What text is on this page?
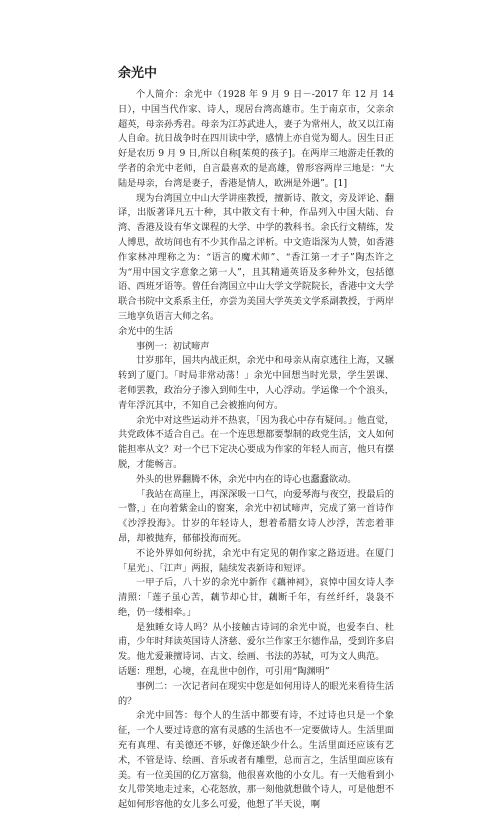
余光中

个人简介：余光中（1928 年 9 月 9 日－-2017 年 12 月 14 日），中国当代作家、诗人，现居台湾高雄市。生于南京市，父亲余超英，母亲孙秀君。母亲为江苏武进人，妻子为常州人，故又以江南人自命。抗日战争时在四川读中学，感情上亦自觉为蜀人。因生日正好是农历 9 月 9 日,所以自称[茱萸的孩子]。在两岸三地游走任教的学者的余光中老师，自言最喜欢的是高雄，曾形容两岸三地是：“大陆是母亲，台湾是妻子，香港是情人，欧洲是外遇”。[1]

现为台湾国立中山大学讲座教授，擅新诗、散文，旁及评论、翻译，出版著译凡五十种，其中散文有十种，作品列入中国大陆、台湾、香港及设有华文课程的大学、中学的教科书。余氏行文精练，发人博思，故坊间也有不少其作品之评析。中文造诣深为人赞，如香港作家林冲理称之为：“语言的魔术师”、“香江第一才子”陶杰许之为“用中国文字意象之第一人”，且其精通英语及多种外文，包括德语、西班牙语等。曾任台湾国立中山大学文学院院长，香港中文大学联合书院中文系系主任，亦尝为美国大学英美文学系副教授，于两岸三地享负语言大师之名。

余光中的生活

事例一：初试啼声

廿岁那年，国共内战正炽，余光中和母亲从南京逃往上海，又辗转到了厦门。「时局非常动荡！」余光中回想当时光景，学生罢课、老师罢教，政治分子渗入到师生中，人心浮动。学运像一个个浪头，青年浮沉其中，不知自己会被推向何方。

余光中对这些运动并不热衷，「因为我心中存有疑问。」他直觉，共党政体不适合自己。在一个连思想都要掣制的政党生活，文人如何能担率从文？对一个已下定决心要成为作家的年轻人而言，他只有摆脱，才能畅言。

外头的世界翻腾不休，余光中内在的诗心也蠢蠢欲动。

「我站在高崖上，再深深吸一口气，向爱琴海与夜空，投最后的一瞥，」在向着紫金山的窗案，余光中初试啼声，完成了第一首诗作《沙浮投海》。廿岁的年轻诗人，想着希腊女诗人沙浮，苦恋着菲昂，却被抛弃，郁郁投海而死。

不论外界如何纷扰，余光中有定见的朝作家之路迈进。在厦门「星光」、「江声」两报，陆续发表新诗和短评。

一甲子后，八十岁的余光中新作《藕神祠》，哀悼中国女诗人李清照：「莲子虽心苦，藕节却心甘，藕断千年，有丝纤纤，袅袅不绝，仍一缕相牵。」

是独睡女诗人吗？从小接触古诗词的余光中说，也爱李白、杜甫，少年时拜读英国诗人济慈、爱尔兰作家王尔德作品，受到许多启发。他尤爱兼擅诗词、古文、绘画、书法的苏轼，可为文人典范。

话题：理想，心境，在乱世中创作，可引用“陶渊明”

事例二：一次记者问在现实中您是如何用诗人的眼光来看待生活的？

余光中回答：每个人的生活中都要有诗，不过诗也只是一个象征，一个人要过诗意的富有灵感的生活也不一定要做诗人。生活里面充有真理、有美德还不够，好像还缺少什么。生活里面还应该有艺术，不管是诗、绘画、音乐或者有雕塑，总而言之，生活里面应该有美。有一位美国的亿万富翁，他很喜欢他的小女儿。有一天他看到小女儿带笑地走过来，心花怒放，那一刻他就想做个诗人，可是他想不起如何形容他的女儿多么可爱，他想了半天说，啊
